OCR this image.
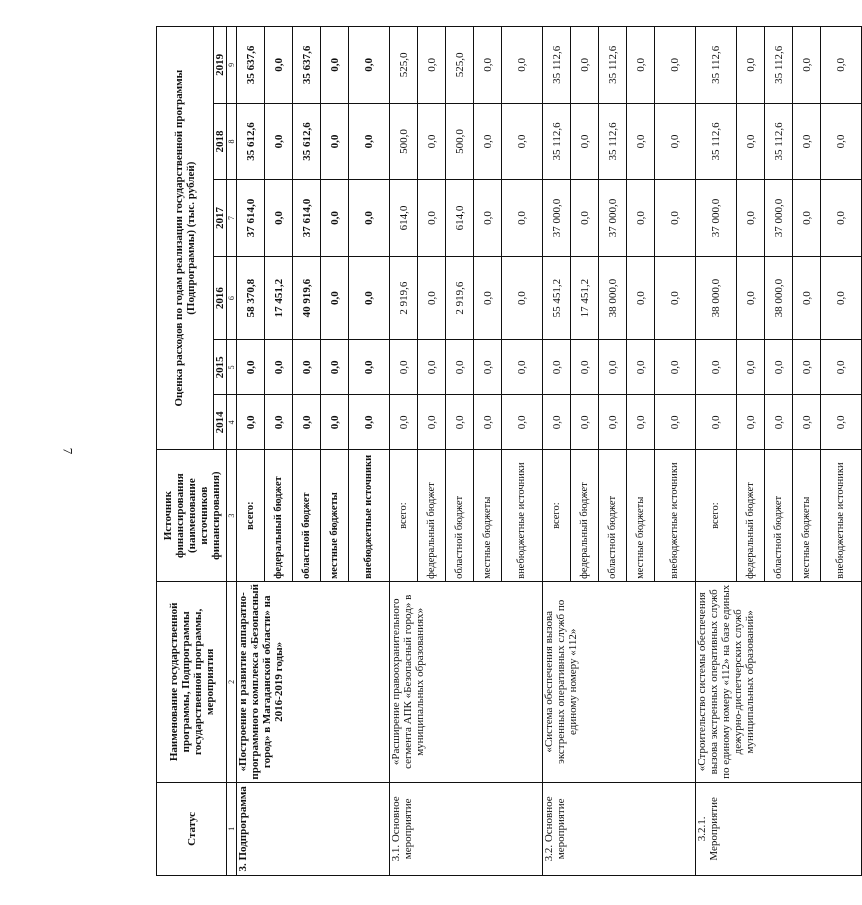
7
Статус	Наименование государственной программы, Подпрограммы государственной программы, мероприятия	Источник финансирования (наименование источников финансирования)	Оценка расходов по годам реализации государственной программы (Подпрограммы) (тыс. рублей)					
			2014	2015	2016	2017	2018	2019
1	2	3	4	5	6	7	8	9
3. Подпрограмма	«Построение и развитие аппаратно-программного комплекса «Безопасный город» в Магаданской области» на 2016-2019 годы»	всего:	0,0	0,0	58 370,8	37 614,0	35 612,6	35 637,6
		федеральный бюджет	0,0	0,0	17 451,2	0,0	0,0	0,0
		областной бюджет	0,0	0,0	40 919,6	37 614,0	35 612,6	35 637,6
		местные бюджеты	0,0	0,0	0,0	0,0	0,0	0,0
		внебюджетные источники	0,0	0,0	0,0	0,0	0,0	0,0
3.1. Основное мероприятие	«Расширение правоохранительного сегмента АПК «Безопасный город» в муниципальных образованиях»	всего:	0,0	0,0	2 919,6	614,0	500,0	525,0
		федеральный бюджет	0,0	0,0	0,0	0,0	0,0	0,0
		областной бюджет	0,0	0,0	2 919,6	614,0	500,0	525,0
		местные бюджеты	0,0	0,0	0,0	0,0	0,0	0,0
		внебюджетные источники	0,0	0,0	0,0	0,0	0,0	0,0
3.2. Основное мероприятие	«Система обеспечения вызова экстренных оперативных служб по единому номеру «112»	всего:	0,0	0,0	55 451,2	37 000,0	35 112,6	35 112,6
		федеральный бюджет	0,0	0,0	17 451,2	0,0	0,0	0,0
		областной бюджет	0,0	0,0	38 000,0	37 000,0	35 112,6	35 112,6
		местные бюджеты	0,0	0,0	0,0	0,0	0,0	0,0
		внебюджетные источники	0,0	0,0	0,0	0,0	0,0	0,0
3.2.1. Мероприятие	«Строительство системы обеспечения вызова экстренных оперативных служб по единому номеру «112» на базе единых дежурно-диспетчерских служб муниципальных образований»	всего:	0,0	0,0	38 000,0	37 000,0	35 112,6	35 112,6
		федеральный бюджет	0,0	0,0	0,0	0,0	0,0	0,0
		областной бюджет	0,0	0,0	38 000,0	37 000,0	35 112,6	35 112,6
		местные бюджеты	0,0	0,0	0,0	0,0	0,0	0,0
		внебюджетные источники	0,0	0,0	0,0	0,0	0,0	0,0
